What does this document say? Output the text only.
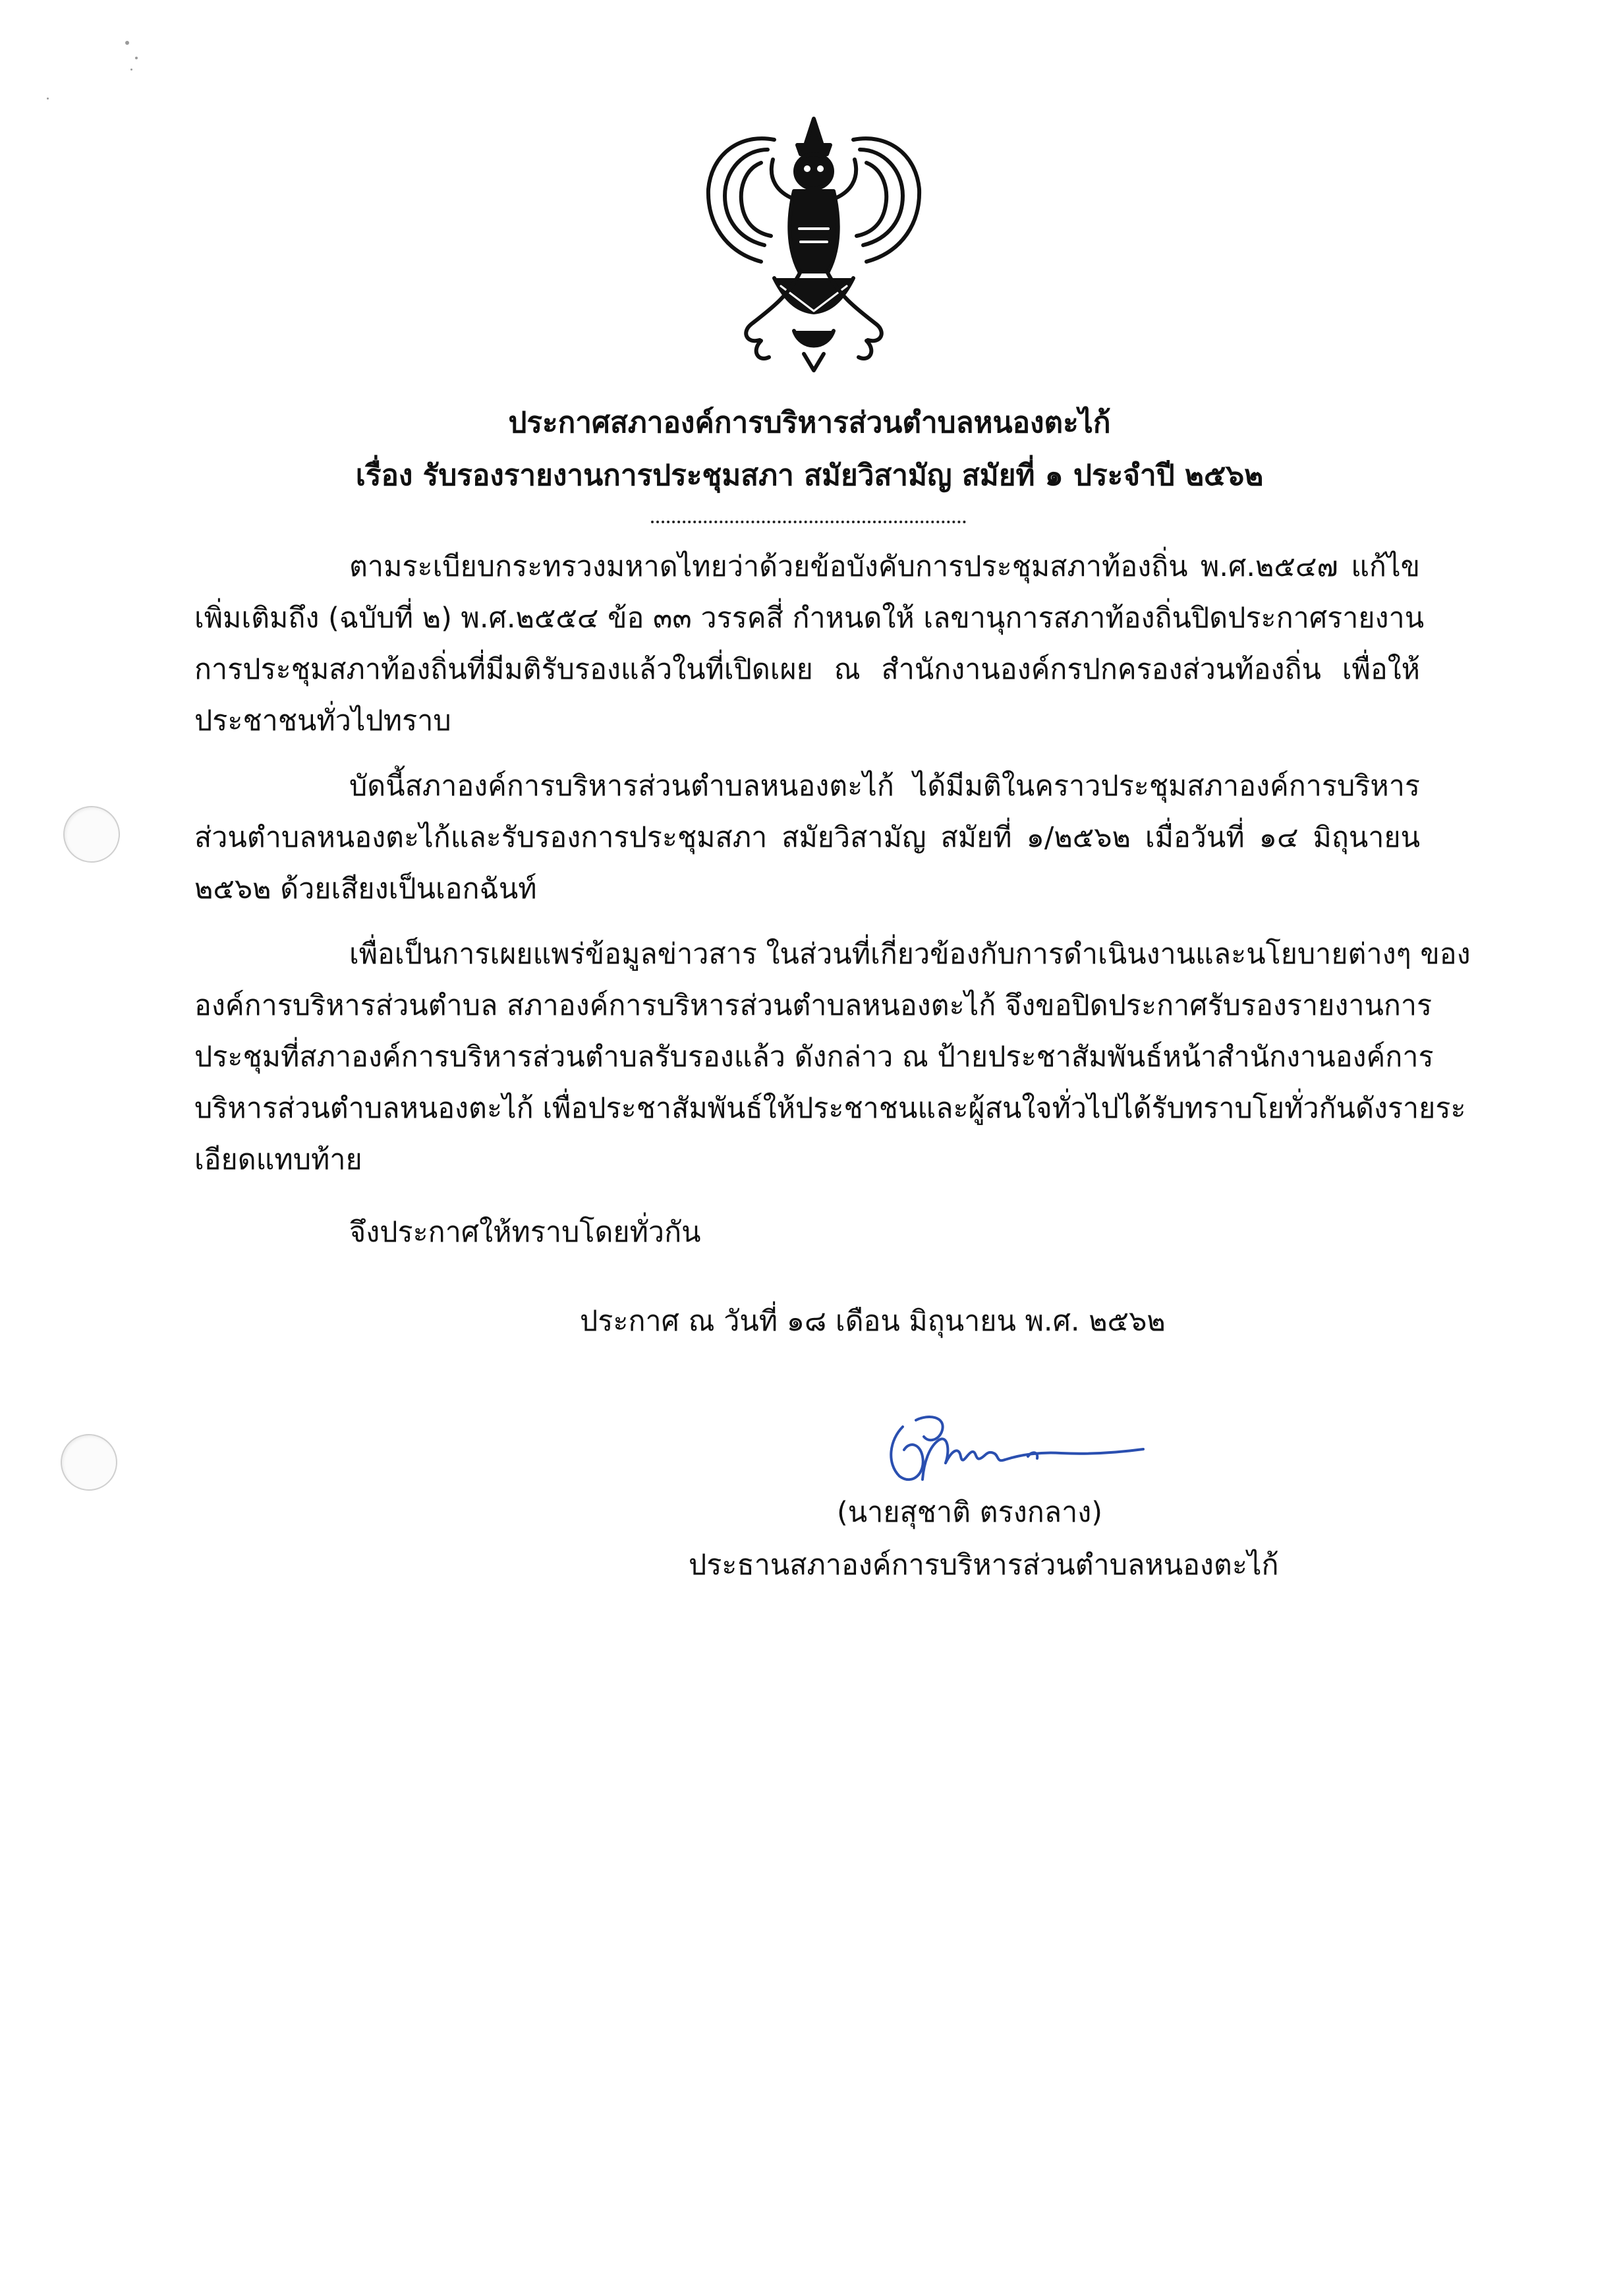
ประกาศสภาองค์การบริหารส่วนตำบลหนองตะไก้
เรื่อง รับรองรายงานการประชุมสภา สมัยวิสามัญ สมัยที่ ๑ ประจำปี ๒๕๖๒
ตามระเบียบกระทรวงมหาดไทยว่าด้วยข้อบังคับการประชุมสภาท้องถิ่น พ.ศ.๒๕๔๗ แก้ไข
เพิ่มเติมถึง (ฉบับที่ ๒) พ.ศ.๒๕๕๔ ข้อ ๓๓ วรรคสี่ กำหนดให้ เลขานุการสภาท้องถิ่นปิดประกาศรายงาน
การประชุมสภาท้องถิ่นที่มีมติรับรองแล้วในที่เปิดเผย ณ สำนักงานองค์กรปกครองส่วนท้องถิ่น เพื่อให้
ประชาชนทั่วไปทราบ
บัดนี้สภาองค์การบริหารส่วนตำบลหนองตะไก้ ได้มีมติในคราวประชุมสภาองค์การบริหาร
ส่วนตำบลหนองตะไก้และรับรองการประชุมสภา สมัยวิสามัญ สมัยที่ ๑/๒๕๖๒ เมื่อวันที่ ๑๔ มิถุนายน
๒๕๖๒ ด้วยเสียงเป็นเอกฉันท์
เพื่อเป็นการเผยแพร่ข้อมูลข่าวสาร ในส่วนที่เกี่ยวข้องกับการดำเนินงานและนโยบายต่างๆ ของ
องค์การบริหารส่วนตำบล สภาองค์การบริหารส่วนตำบลหนองตะไก้ จึงขอปิดประกาศรับรองรายงานการ
ประชุมที่สภาองค์การบริหารส่วนตำบลรับรองแล้ว ดังกล่าว ณ ป้ายประชาสัมพันธ์หน้าสำนักงานองค์การ
บริหารส่วนตำบลหนองตะไก้ เพื่อประชาสัมพันธ์ให้ประชาชนและผู้สนใจทั่วไปได้รับทราบโยทั่วกันดังรายระ
เอียดแทบท้าย
จึงประกาศให้ทราบโดยทั่วกัน
ประกาศ ณ วันที่ ๑๘ เดือน มิถุนายน พ.ศ. ๒๕๖๒
(นายสุชาติ ตรงกลาง)
ประธานสภาองค์การบริหารส่วนตำบลหนองตะไก้
